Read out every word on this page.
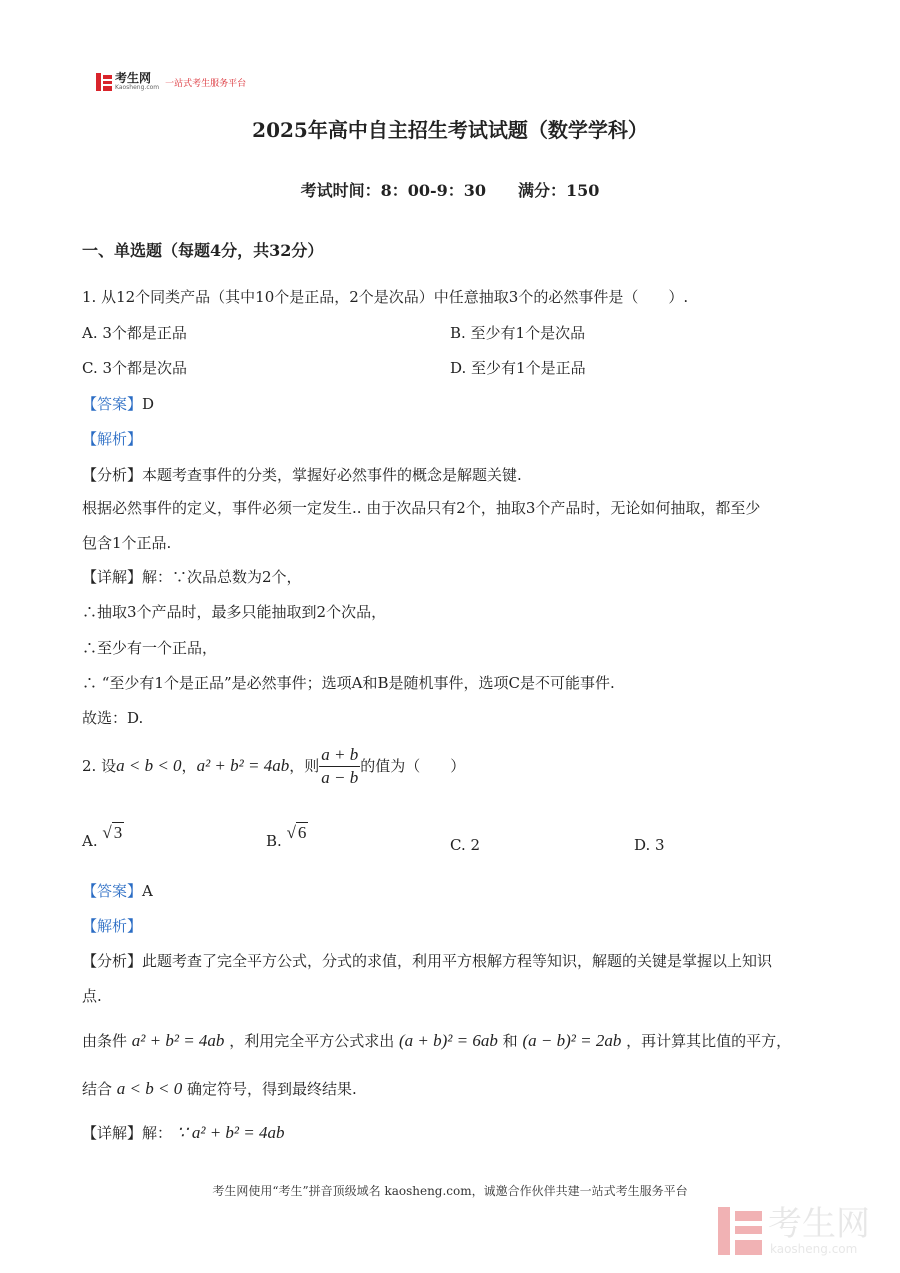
考生网
Kaosheng.com 一站式考生服务平台
2025年高中自主招生考试试题（数学学科）
考试时间：8：00-9：30　　满分：150
一、单选题（每题4分，共32分）
1. 从12个同类产品（其中10个是正品，2个是次品）中任意抽取3个的必然事件是（　　）.
A. 3个都是正品	B. 至少有1个是次品
C. 3个都是次品	D. 至少有1个是正品
【答案】D
【解析】
【分析】本题考查事件的分类，掌握好必然事件的概念是解题关键.
根据必然事件的定义，事件必须一定发生.. 由于次品只有2个，抽取3个产品时，无论如何抽取，都至少
包含1个正品.
【详解】解：∵次品总数为2个，
∴抽取3个产品时，最多只能抽取到2个次品，
∴至少有一个正品，
∴ “至少有1个是正品”是必然事件；选项A和B是随机事件，选项C是不可能事件.
故选：D.
2. 设 a < b < 0 ， a² + b² = 4ab ，则 $\frac{a + b}{a - b}$ 的值为（　　）
A. √ 3	B. √ 6
C. 2	D. 3
【答案】A
【解析】
【分析】此题考查了完全平方公式，分式的求值，利用平方根解方程等知识，解题的关键是掌握以上知识
点.
由条件 a² + b² = 4ab ，利用完全平方公式求出 (a + b)² = 6ab 和 (a − b)² = 2ab ，再计算其比值的平方，
结合 a < b < 0 确定符号，得到最终结果.
【详解】解： ∵ a² + b² = 4ab
考生网使用“考生”拼音顶级域名 kaosheng.com，诚邀合作伙伴共建一站式考生服务平台
考生网
kaosheng.com
